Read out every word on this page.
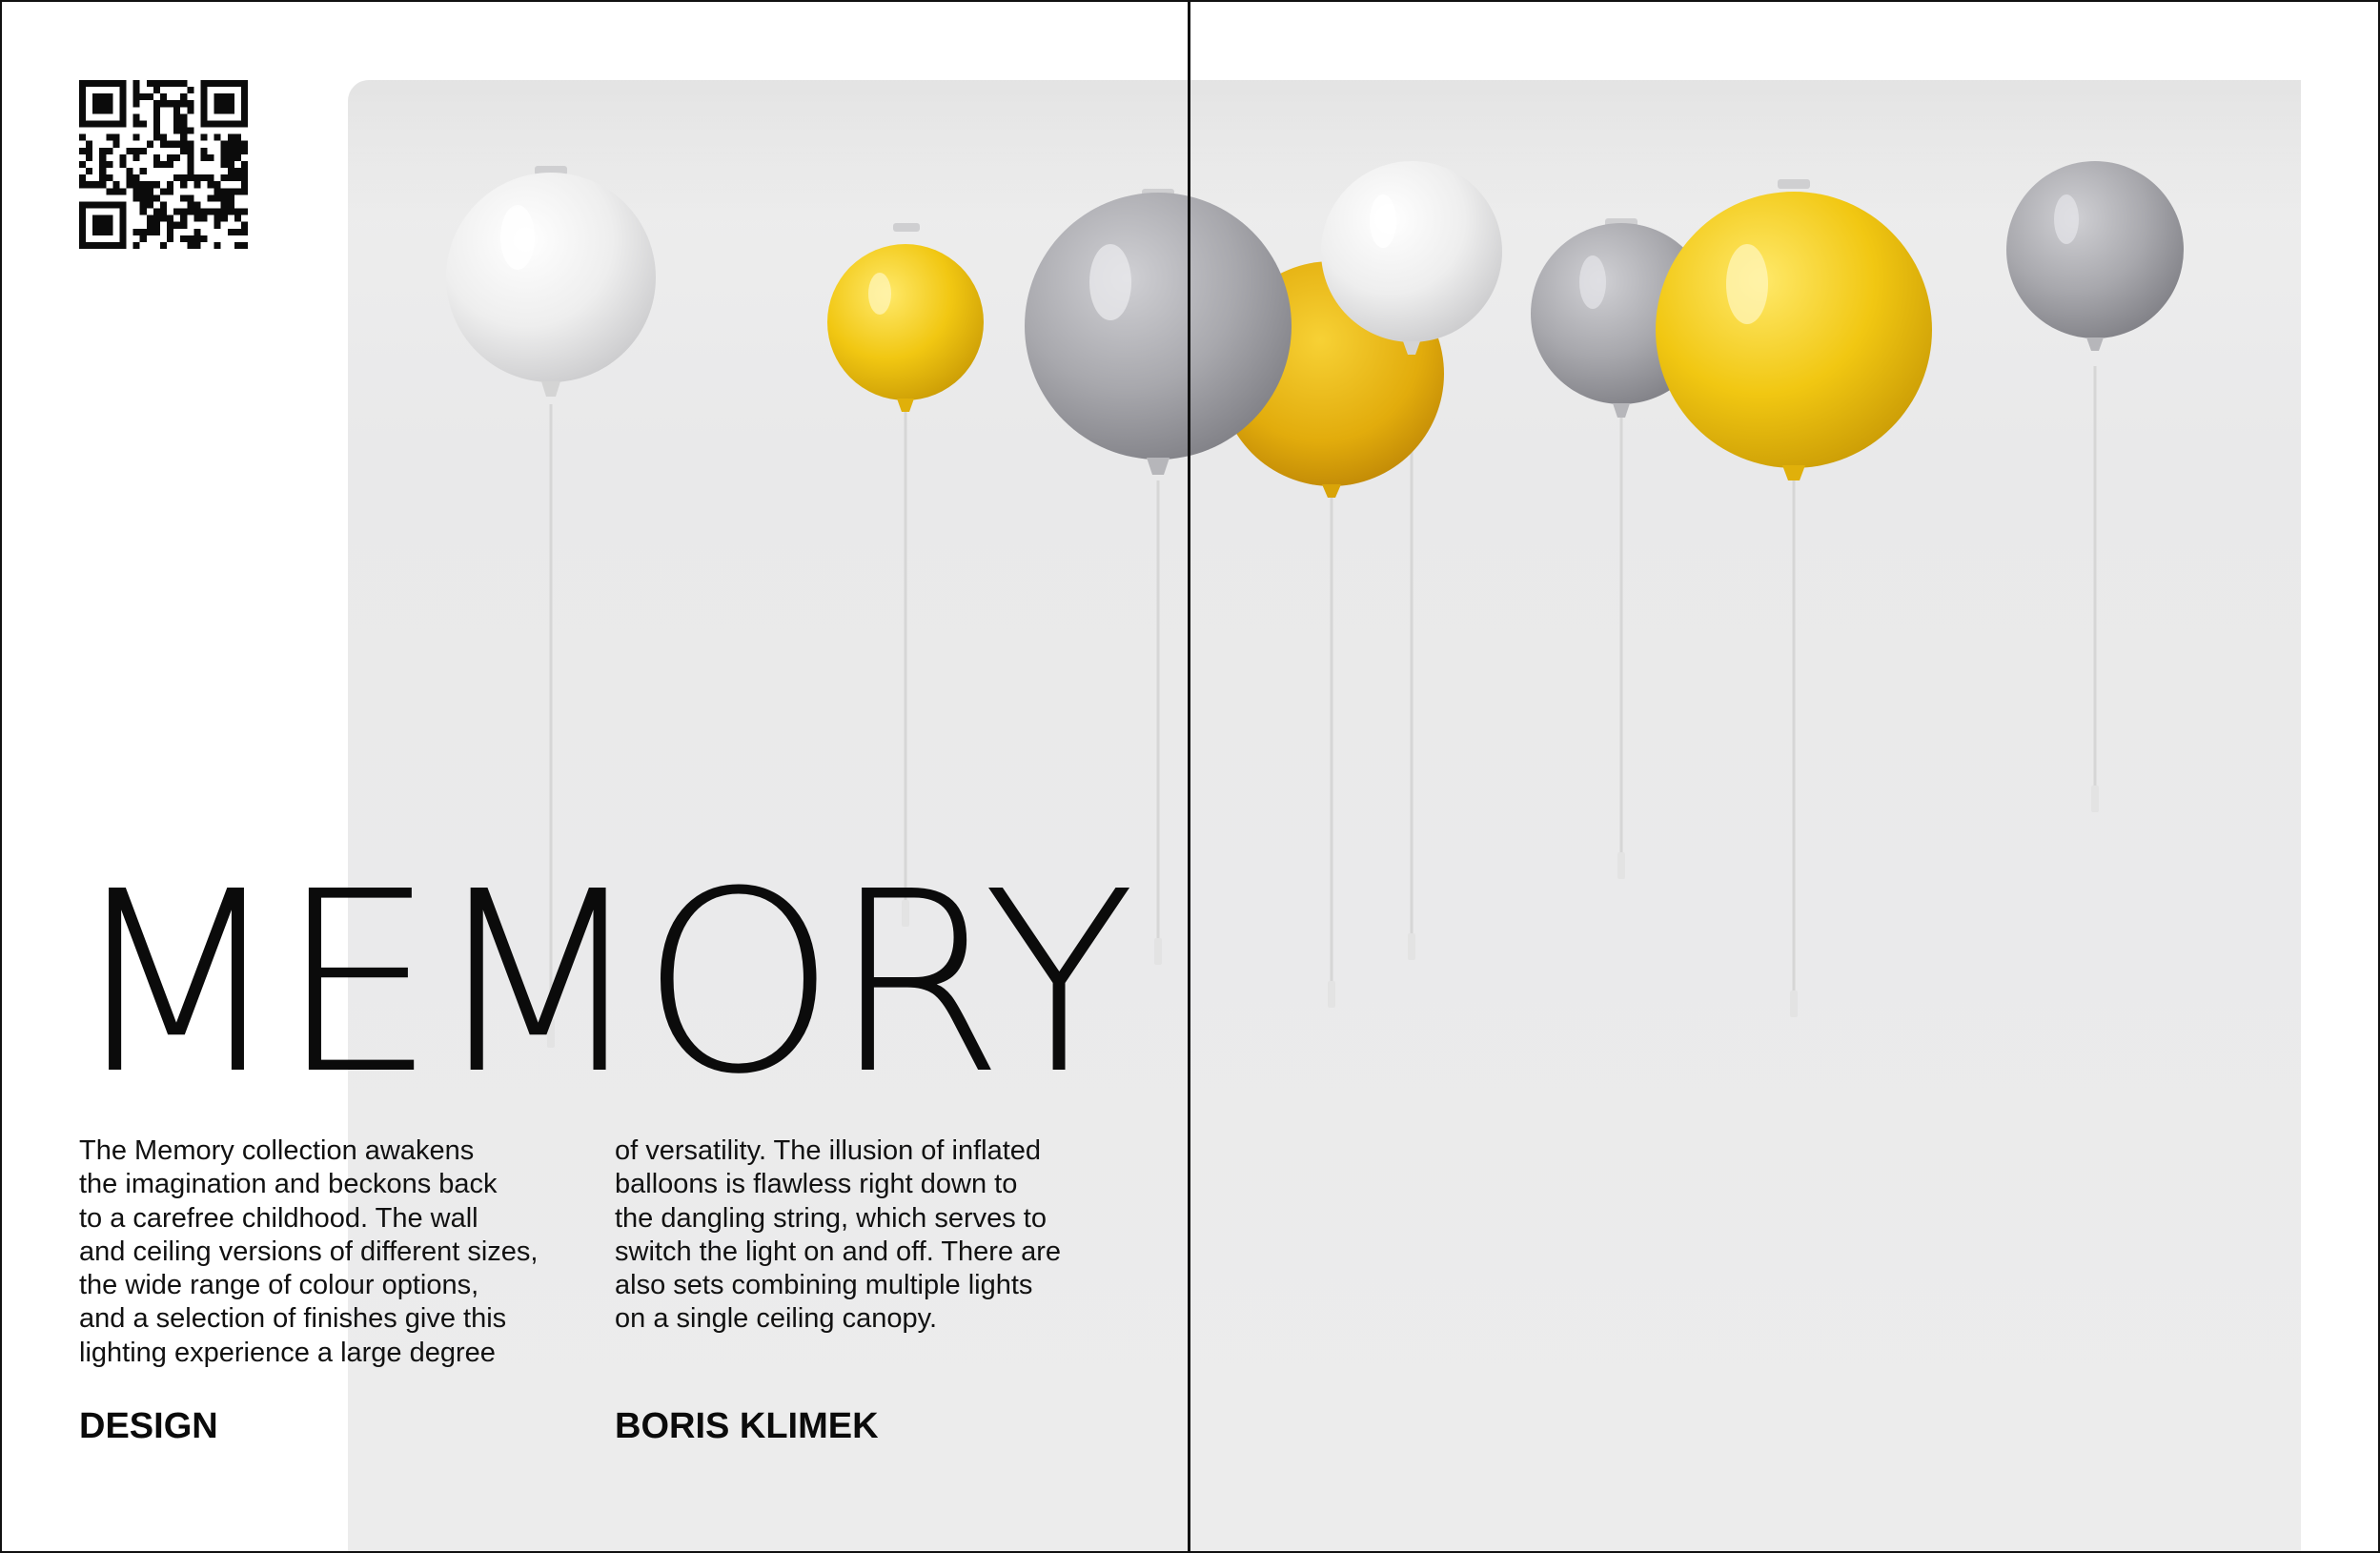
MEMORY
The Memory collection awakens
the imagination and beckons back
to a carefree childhood. The wall
and ceiling versions of different sizes,
the wide range of colour options,
and a selection of finishes give this
lighting experience a large degree
of versatility. The illusion of inflated
balloons is flawless right down to
the dangling string, which serves to
switch the light on and off. There are
also sets combining multiple lights
on a single ceiling canopy.
DESIGN	BORIS KLIMEK
